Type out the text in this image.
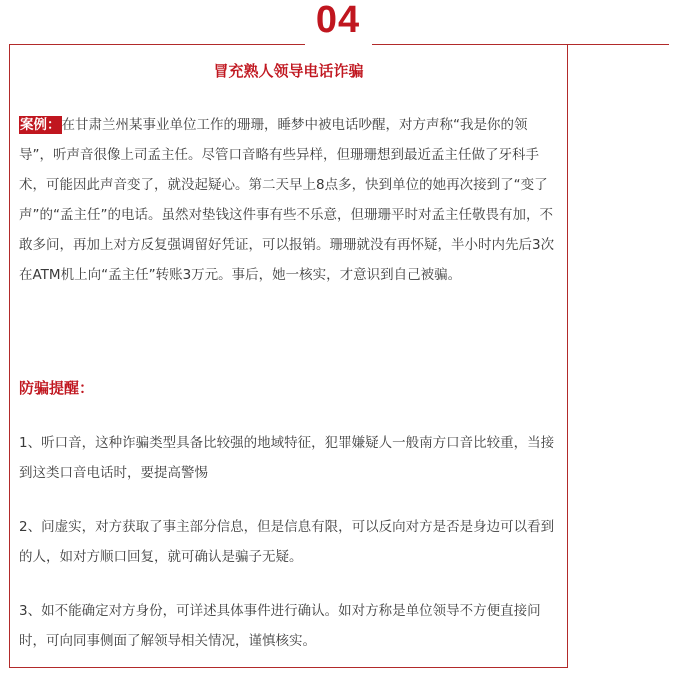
04
冒充熟人领导电话诈骗

案例：在甘肃兰州某事业单位工作的珊珊，睡梦中被电话吵醒，对方声称“我是你的领导”，听声音很像上司孟主任。尽管口音略有些异样，但珊珊想到最近孟主任做了牙科手术，可能因此声音变了，就没起疑心。第二天早上8点多，快到单位的她再次接到了“变了声”的“孟主任”的电话。虽然对垫钱这件事有些不乐意，但珊珊平时对孟主任敬畏有加，不敢多问，再加上对方反复强调留好凭证，可以报销。珊珊就没有再怀疑，半小时内先后3次在ATM机上向“孟主任”转账3万元。事后，她一核实，才意识到自己被骗。

防骗提醒：

1、听口音，这种诈骗类型具备比较强的地域特征，犯罪嫌疑人一般南方口音比较重，当接到这类口音电话时，要提高警惕

2、问虚实，对方获取了事主部分信息，但是信息有限，可以反向对方是否是身边可以看到的人，如对方顺口回复，就可确认是骗子无疑。

3、如不能确定对方身份，可详述具体事件进行确认。如对方称是单位领导不方便直接问时，可向同事侧面了解领导相关情况，谨慎核实。
